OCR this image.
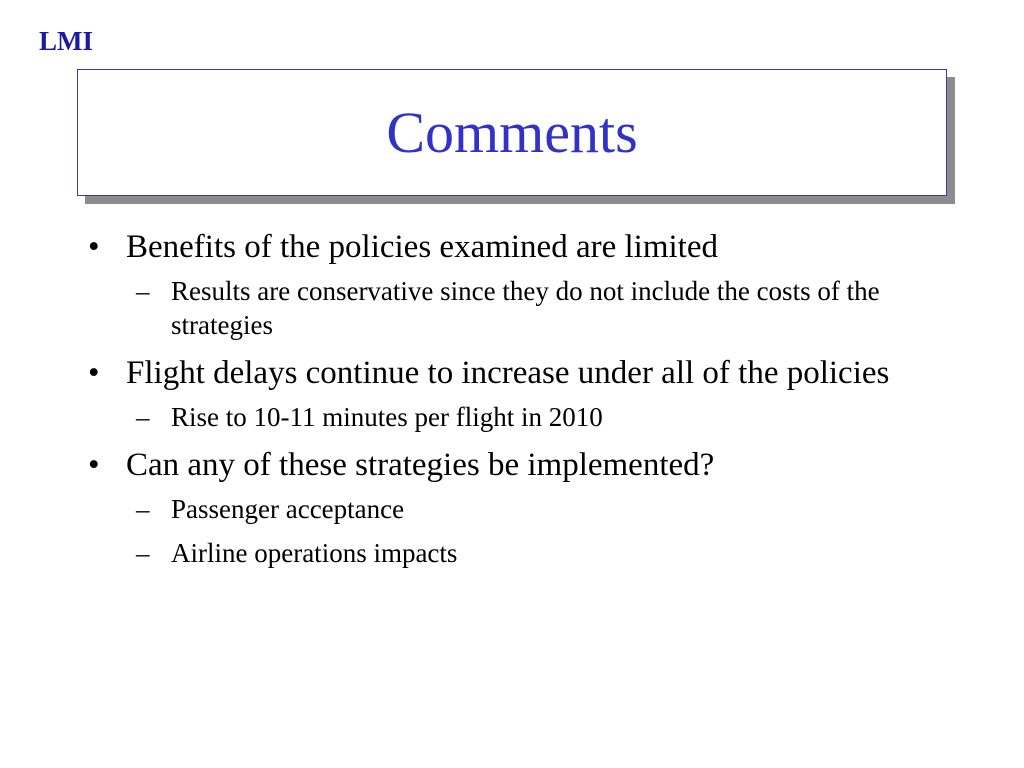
LMI
Comments
• Benefits of the policies examined are limited
– Results are conservative since they do not include the costs of the strategies
• Flight delays continue to increase under all of the policies
– Rise to 10-11 minutes per flight in 2010
• Can any of these strategies be implemented?
– Passenger acceptance
– Airline operations impacts
